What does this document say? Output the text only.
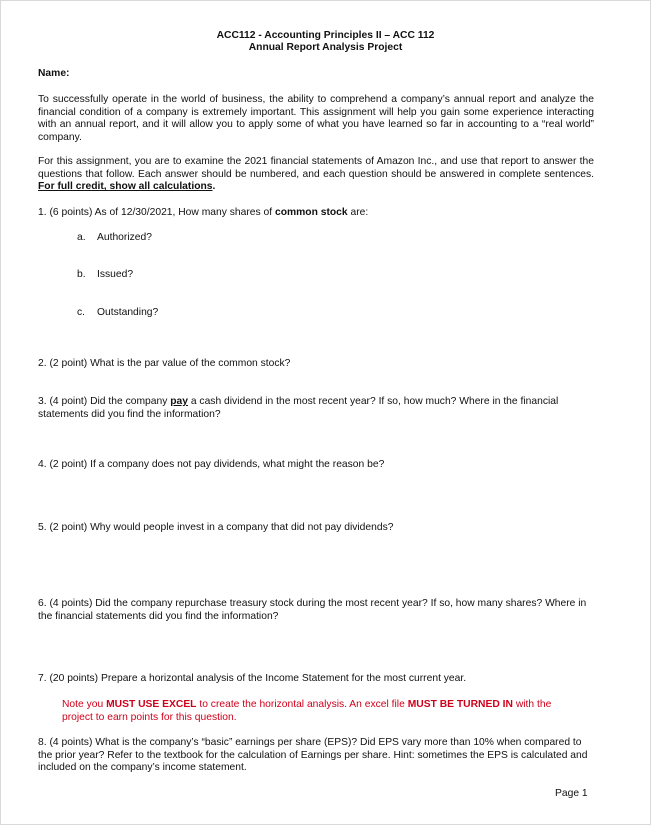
ACC112 - Accounting Principles II – ACC 112
Annual Report Analysis Project
Name:
To successfully operate in the world of business, the ability to comprehend a company’s annual report and analyze the financial condition of a company is extremely important. This assignment will help you gain some experience interacting with an annual report, and it will allow you to apply some of what you have learned so far in accounting to a “real world” company.
For this assignment, you are to examine the 2021 financial statements of Amazon Inc., and use that report to answer the questions that follow. Each answer should be numbered, and each question should be answered in complete sentences. For full credit, show all calculations.
1. (6 points) As of 12/30/2021, How many shares of common stock are:
a. Authorized?
b. Issued?
c. Outstanding?
2. (2 point) What is the par value of the common stock?
3. (4 point) Did the company pay a cash dividend in the most recent year? If so, how much? Where in the financial statements did you find the information?
4. (2 point) If a company does not pay dividends, what might the reason be?
5. (2 point) Why would people invest in a company that did not pay dividends?
6. (4 points) Did the company repurchase treasury stock during the most recent year? If so, how many shares? Where in the financial statements did you find the information?
7. (20 points) Prepare a horizontal analysis of the Income Statement for the most current year.
Note you MUST USE EXCEL to create the horizontal analysis. An excel file MUST BE TURNED IN with the project to earn points for this question.
8. (4 points) What is the company’s “basic” earnings per share (EPS)? Did EPS vary more than 10% when compared to the prior year? Refer to the textbook for the calculation of Earnings per share. Hint: sometimes the EPS is calculated and included on the company’s income statement.
Page 1
